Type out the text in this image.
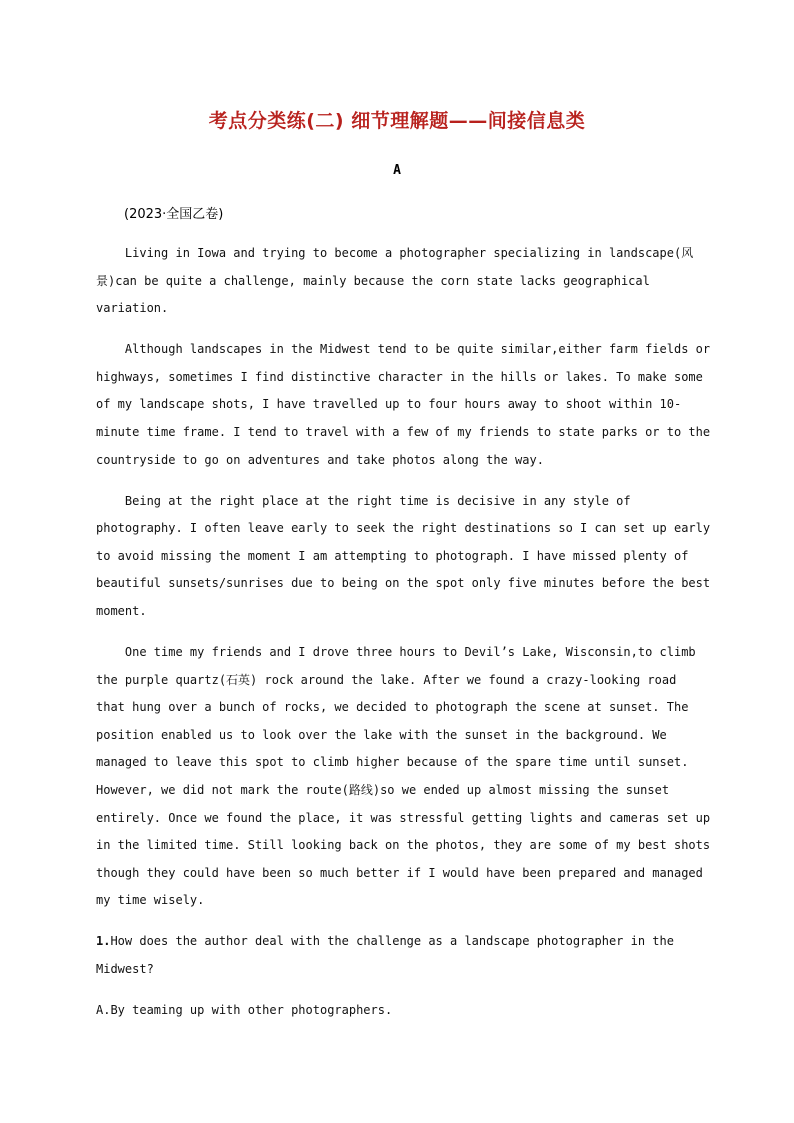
考点分类练(二) 细节理解题——间接信息类
A
(2023·全国乙卷)
Living in Iowa and trying to become a photographer specializing in landscape(风
景)can be quite a challenge, mainly because the corn state lacks geographical
variation.
Although landscapes in the Midwest tend to be quite similar,either farm fields or
highways, sometimes I find distinctive character in the hills or lakes. To make some
of my landscape shots, I have travelled up to four hours away to shoot within 10-
minute time frame. I tend to travel with a few of my friends to state parks or to the
countryside to go on adventures and take photos along the way.
Being at the right place at the right time is decisive in any style of
photography. I often leave early to seek the right destinations so I can set up early
to avoid missing the moment I am attempting to photograph. I have missed plenty of
beautiful sunsets/sunrises due to being on the spot only five minutes before the best
moment.
One time my friends and I drove three hours to Devil’s Lake, Wisconsin,to climb
the purple quartz(石英) rock around the lake. After we found a crazy-looking road
that hung over a bunch of rocks, we decided to photograph the scene at sunset. The
position enabled us to look over the lake with the sunset in the background. We
managed to leave this spot to climb higher because of the spare time until sunset.
However, we did not mark the route(路线)so we ended up almost missing the sunset
entirely. Once we found the place, it was stressful getting lights and cameras set up
in the limited time. Still looking back on the photos, they are some of my best shots
though they could have been so much better if I would have been prepared and managed
my time wisely.
1.How does the author deal with the challenge as a landscape photographer in the
Midwest?
A.By teaming up with other photographers.
